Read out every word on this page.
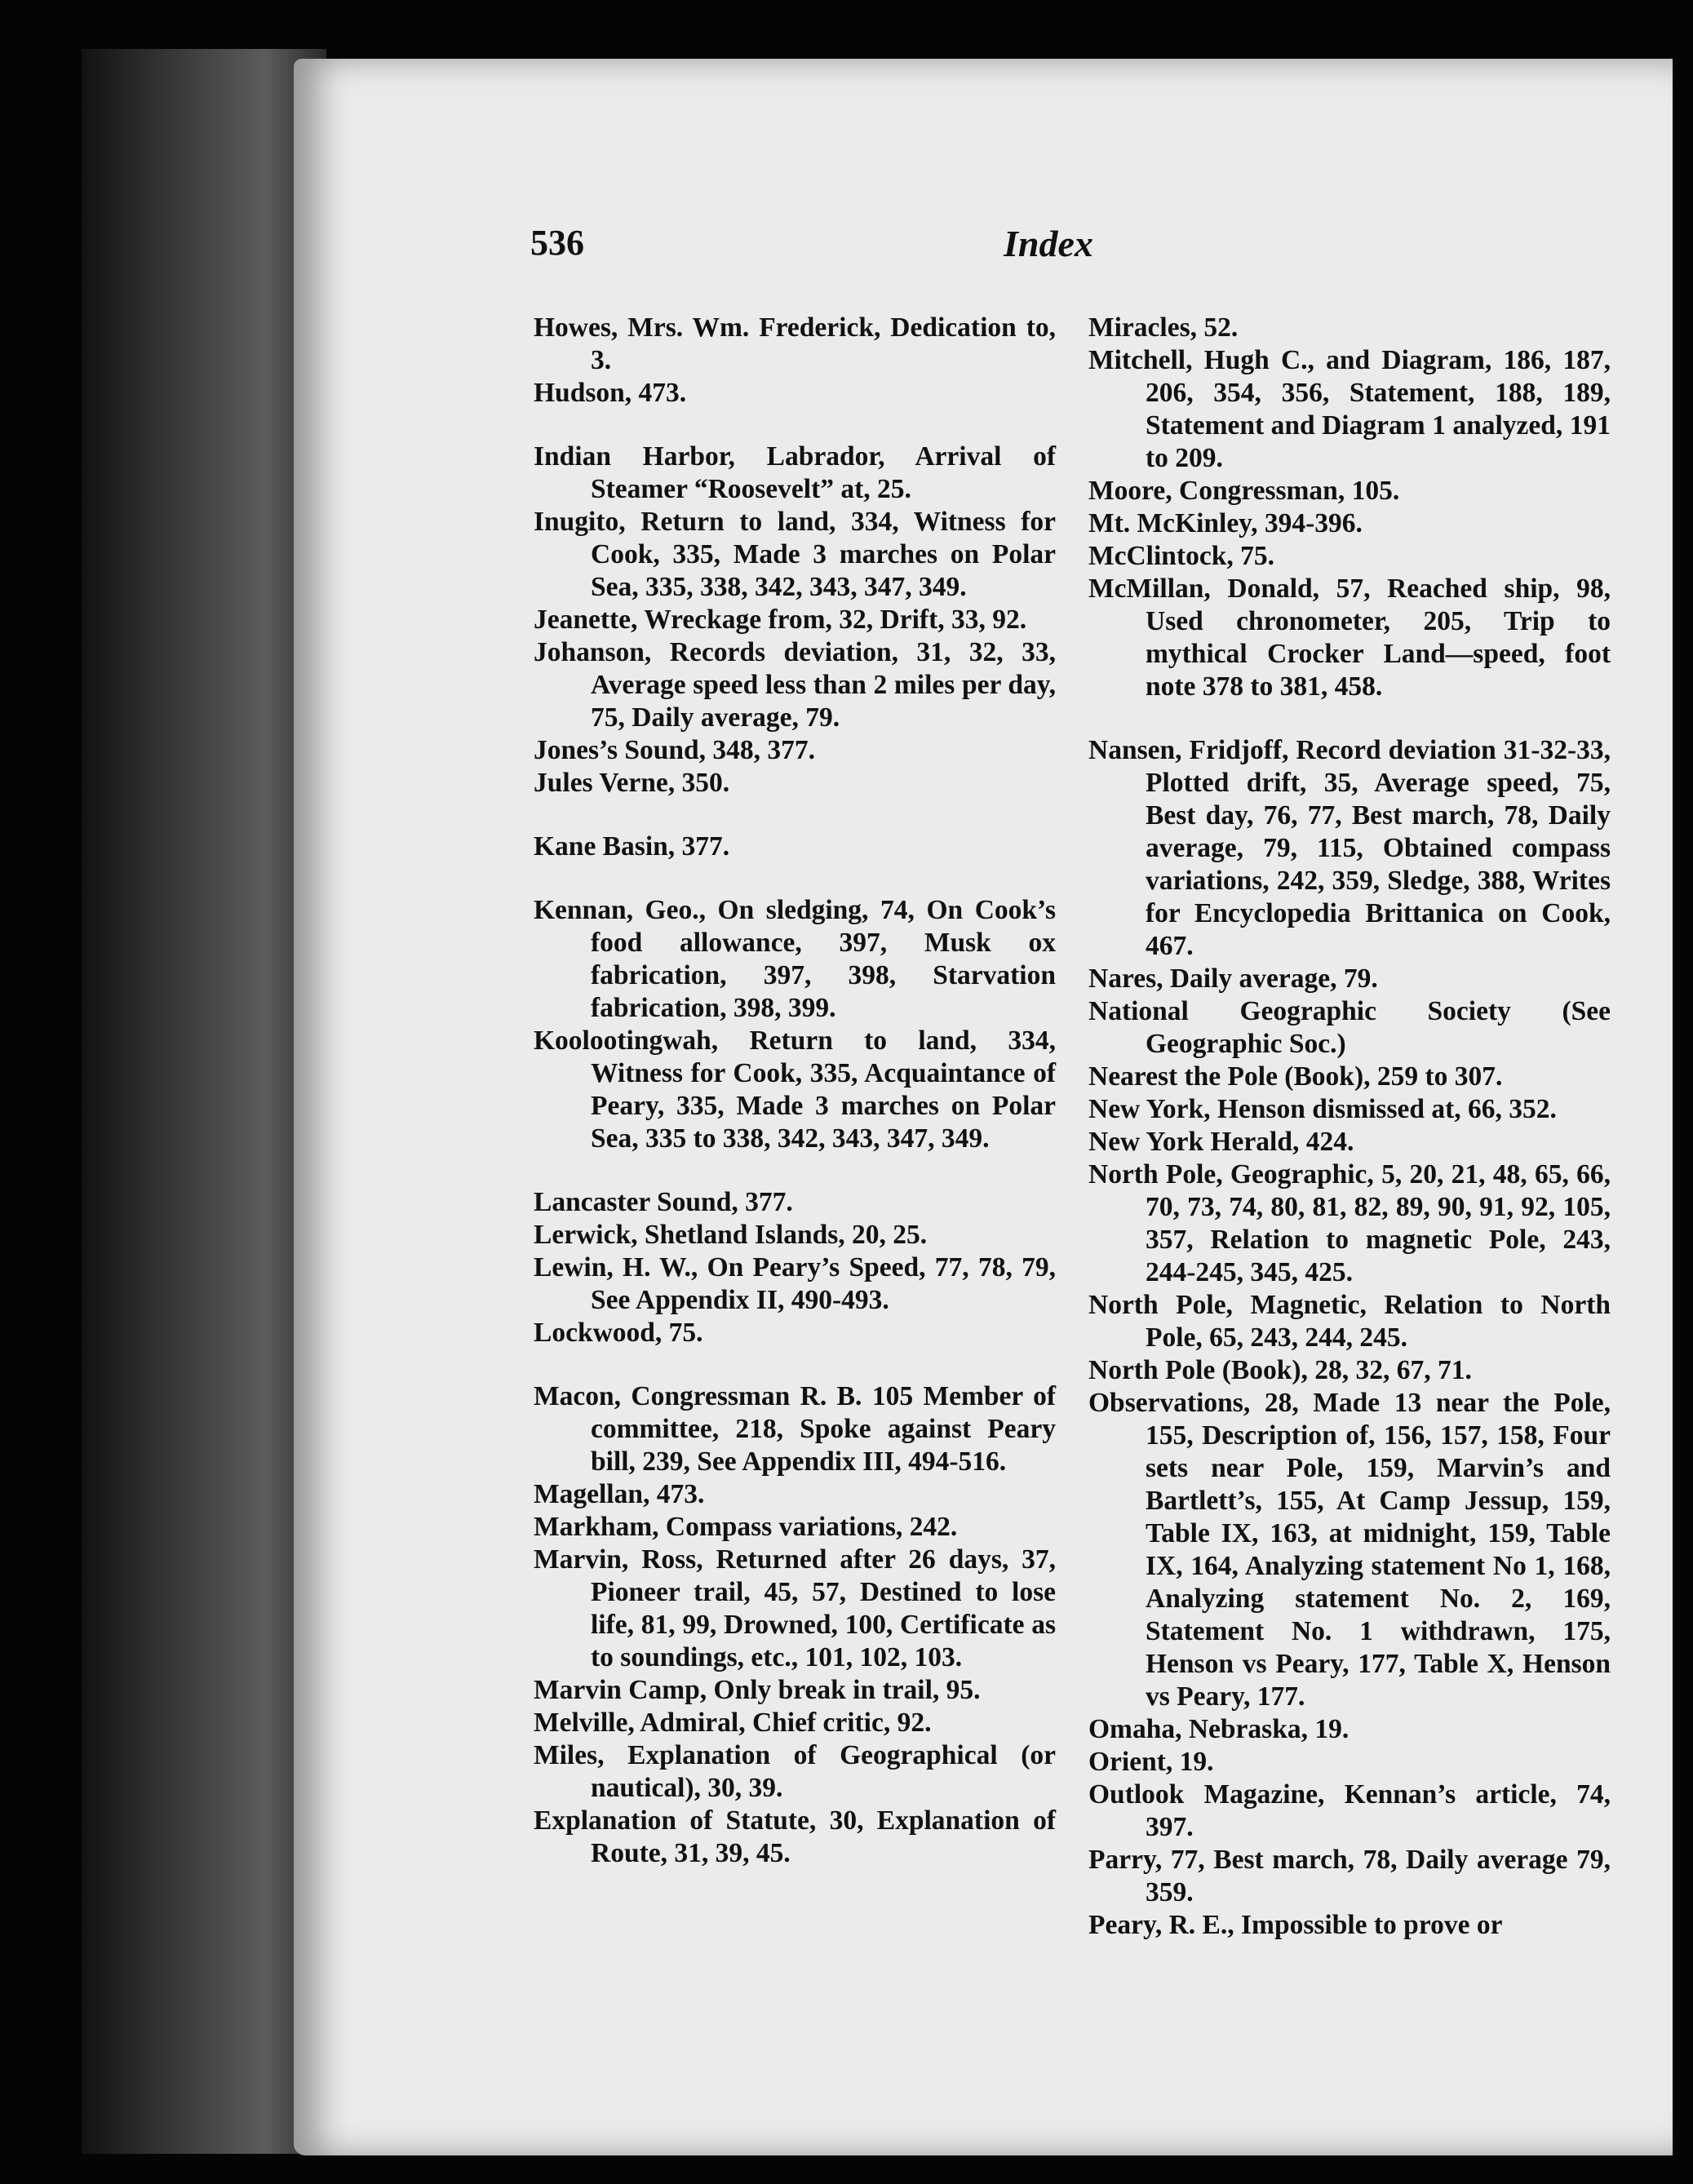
536	Index

Howes, Mrs. Wm. Frederick, Dedication to, 3.

Hudson, 473.

Indian Harbor, Labrador, Arrival of Steamer “Roosevelt” at, 25.

Inugito, Return to land, 334, Witness for Cook, 335, Made 3 marches on Polar Sea, 335, 338, 342, 343, 347, 349.

Jeanette, Wreckage from, 32, Drift, 33, 92.

Johanson, Records deviation, 31, 32, 33, Average speed less than 2 miles per day, 75, Daily average, 79.

Jones’s Sound, 348, 377.

Jules Verne, 350.

Kane Basin, 377.

Kennan, Geo., On sledging, 74, On Cook’s food allowance, 397, Musk ox fabrication, 397, 398, Starvation fabrication, 398, 399.

Koolootingwah, Return to land, 334, Witness for Cook, 335, Acquaintance of Peary, 335, Made 3 marches on Polar Sea, 335 to 338, 342, 343, 347, 349.

Lancaster Sound, 377.

Lerwick, Shetland Islands, 20, 25.

Lewin, H. W., On Peary’s Speed, 77, 78, 79, See Appendix II, 490-493.

Lockwood, 75.

Macon, Congressman R. B. 105 Member of committee, 218, Spoke against Peary bill, 239, See Appendix III, 494-516.

Magellan, 473.

Markham, Compass variations, 242.

Marvin, Ross, Returned after 26 days, 37, Pioneer trail, 45, 57, Destined to lose life, 81, 99, Drowned, 100, Certificate as to soundings, etc., 101, 102, 103.

Marvin Camp, Only break in trail, 95.

Melville, Admiral, Chief critic, 92.

Miles, Explanation of Geographical (or nautical), 30, 39.

Explanation of Statute, 30, Explanation of Route, 31, 39, 45.

Miracles, 52.

Mitchell, Hugh C., and Diagram, 186, 187, 206, 354, 356, Statement, 188, 189, Statement and Diagram 1 analyzed, 191 to 209.

Moore, Congressman, 105.

Mt. McKinley, 394-396.

McClintock, 75.

McMillan, Donald, 57, Reached ship, 98, Used chronometer, 205, Trip to mythical Crocker Land—speed, foot note 378 to 381, 458.

Nansen, Fridjoff, Record deviation 31-32-33, Plotted drift, 35, Average speed, 75, Best day, 76, 77, Best march, 78, Daily average, 79, 115, Obtained compass variations, 242, 359, Sledge, 388, Writes for Encyclopedia Brittanica on Cook, 467.

Nares, Daily average, 79.

National Geographic Society (See Geographic Soc.)

Nearest the Pole (Book), 259 to 307.

New York, Henson dismissed at, 66, 352.

New York Herald, 424.

North Pole, Geographic, 5, 20, 21, 48, 65, 66, 70, 73, 74, 80, 81, 82, 89, 90, 91, 92, 105, 357, Relation to magnetic Pole, 243, 244-245, 345, 425.

North Pole, Magnetic, Relation to North Pole, 65, 243, 244, 245.

North Pole (Book), 28, 32, 67, 71.

Observations, 28, Made 13 near the Pole, 155, Description of, 156, 157, 158, Four sets near Pole, 159, Marvin’s and Bartlett’s, 155, At Camp Jessup, 159, Table IX, 163, at midnight, 159, Table IX, 164, Analyzing statement No 1, 168, Analyzing statement No. 2, 169, Statement No. 1 withdrawn, 175, Henson vs Peary, 177, Table X, Henson vs Peary, 177.

Omaha, Nebraska, 19.

Orient, 19.

Outlook Magazine, Kennan’s article, 74, 397.

Parry, 77, Best march, 78, Daily average 79, 359.

Peary, R. E., Impossible to prove or
